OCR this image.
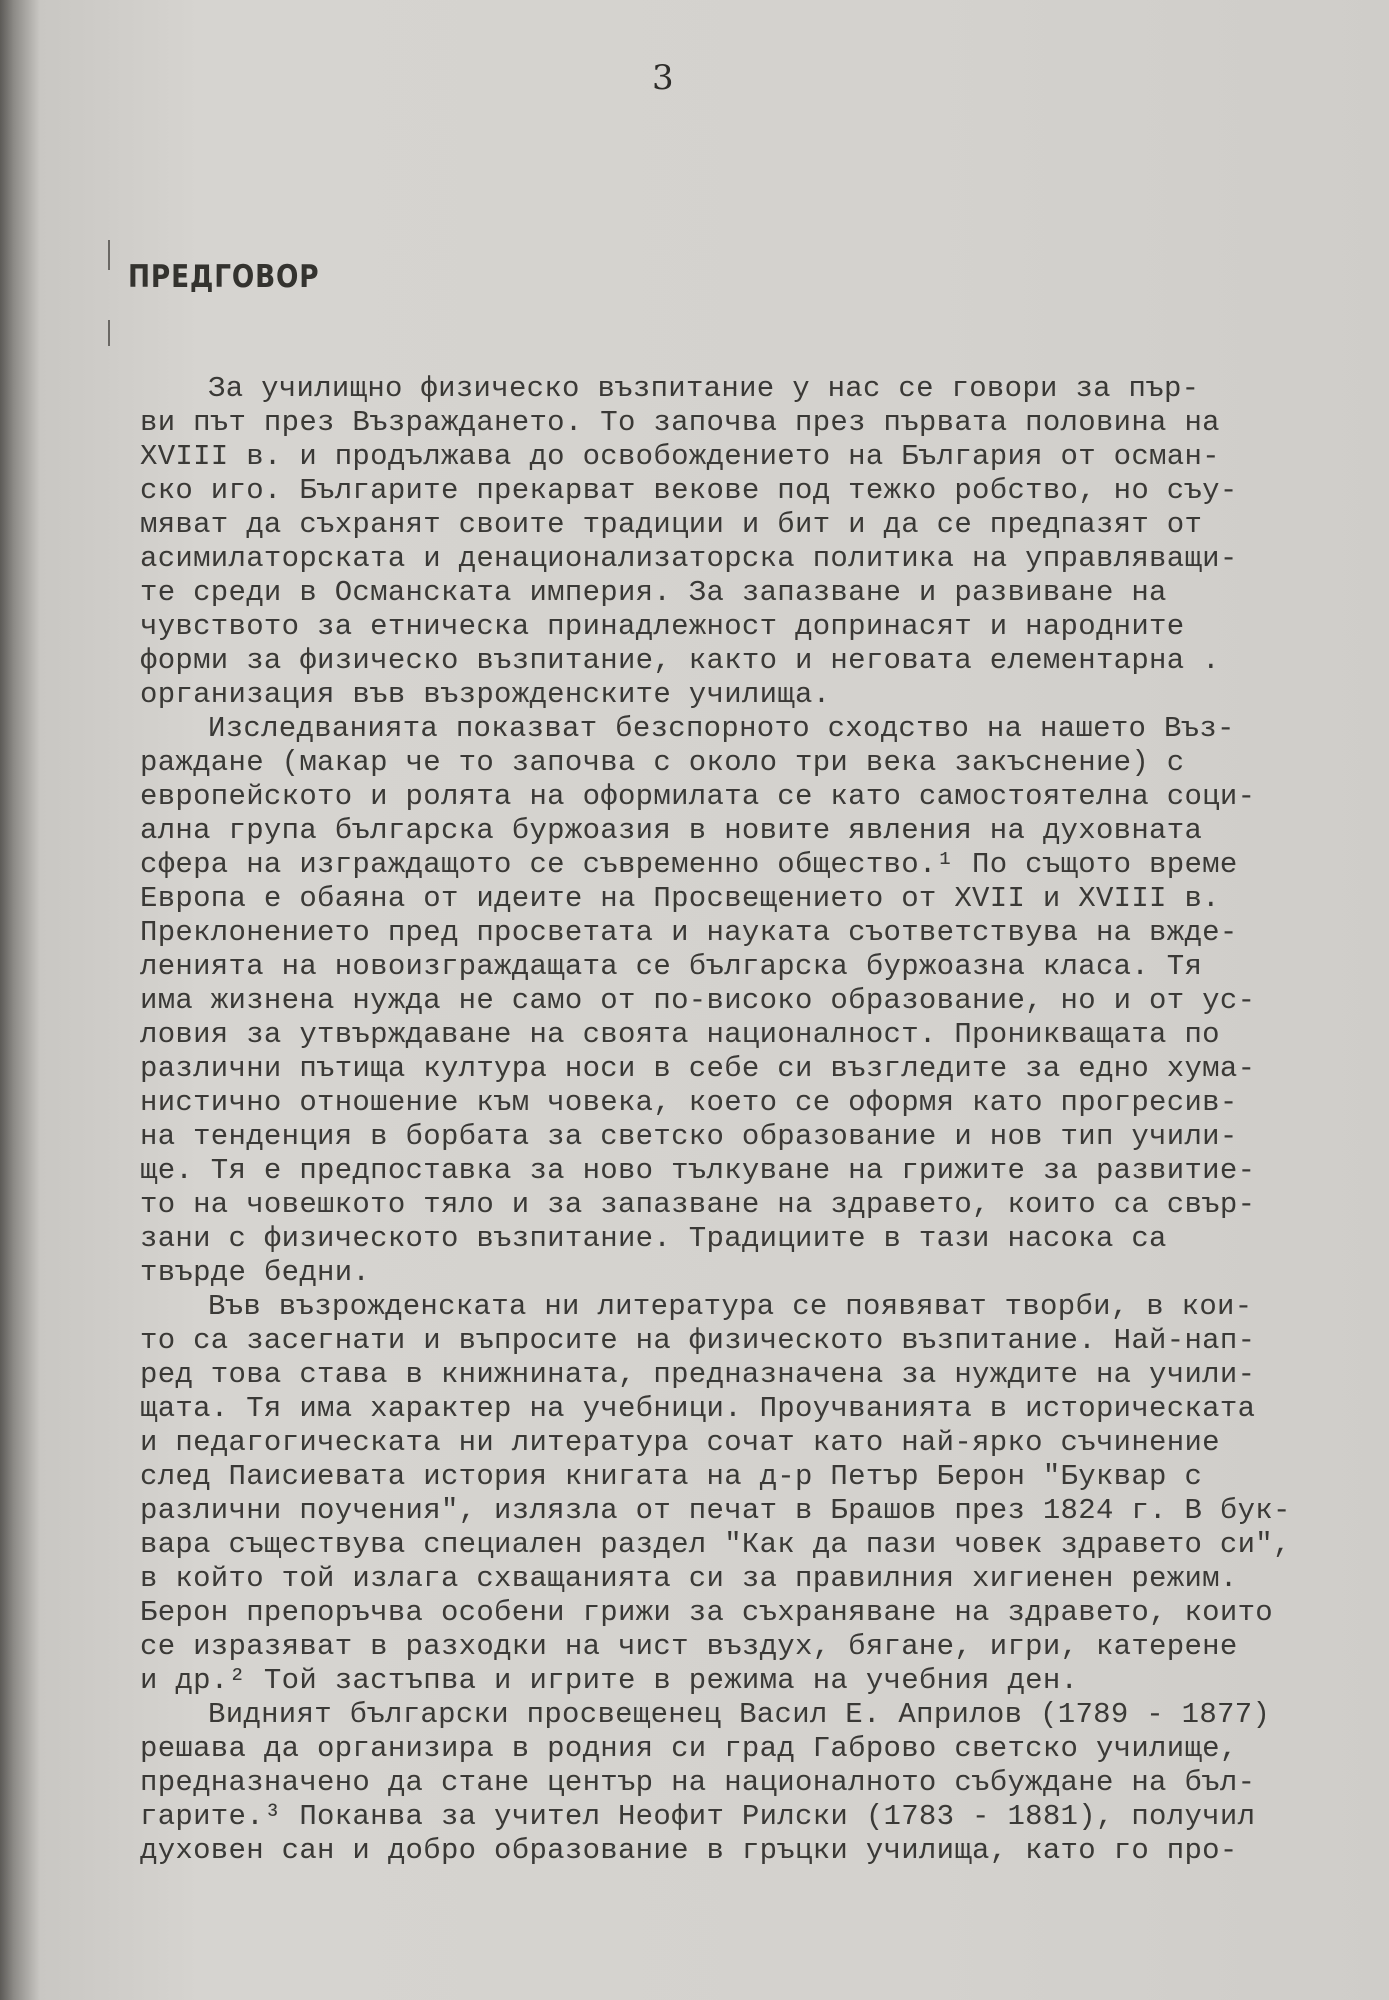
3
ПРЕДГОВОР
За училищно физическо възпитание у нас се говори за пър-
ви път през Възраждането. То започва през първата половина на
XVIII в. и продължава до освобождението на България от осман-
ско иго. Българите прекарват векове под тежко робство, но съу-
мяват да съхранят своите традиции и бит и да се предпазят от
асимилаторската и денационализаторска политика на управляващи-
те среди в Османската империя. За запазване и развиване на
чувството за етническа принадлежност допринасят и народните
форми за физическо възпитание, както и неговата елементарна .
организация във възрожденските училища.
Изследванията показват безспорното сходство на нашето Въз-
раждане (макар че то започва с около три века закъснение) с
европейското и ролята на оформилата се като самостоятелна соци-
ална група българска буржоазия в новите явления на духовната
сфера на изграждащото се съвременно общество.¹ По същото време
Европа е обаяна от идеите на Просвещението от XVII и XVIII в.
Преклонението пред просветата и науката съответствува на вжде-
ленията на новоизграждащата се българска буржоазна класа. Тя
има жизнена нужда не само от по-високо образование, но и от ус-
ловия за утвърждаване на своята националност. Проникващата по
различни пътища култура носи в себе си възгледите за едно хума-
нистично отношение към човека, което се оформя като прогресив-
на тенденция в борбата за светско образование и нов тип учили-
ще. Тя е предпоставка за ново тълкуване на грижите за развитие-
то на човешкото тяло и за запазване на здравето, които са свър-
зани с физическото възпитание. Традициите в тази насока са
твърде бедни.
Във възрожденската ни литература се появяват творби, в кои-
то са засегнати и въпросите на физическото възпитание. Най-нап-
ред това става в книжнината, предназначена за нуждите на учили-
щата. Тя има характер на учебници. Проучванията в историческата
и педагогическата ни литература сочат като най-ярко съчинение
след Паисиевата история книгата на д-р Петър Берон "Буквар с
различни поучения", излязла от печат в Брашов през 1824 г. В бук-
вара съществува специален раздел "Как да пази човек здравето си",
в който той излага схващанията си за правилния хигиенен режим.
Берон препоръчва особени грижи за съхраняване на здравето, които
се изразяват в разходки на чист въздух, бягане, игри, катерене
и др.² Той застъпва и игрите в режима на учебния ден.
Видният български просвещенец Васил Е. Априлов (1789 - 1877)
решава да организира в родния си град Габрово светско училище,
предназначено да стане център на националното събуждане на бъл-
гарите.³ Поканва за учител Неофит Рилски (1783 - 1881), получил
духовен сан и добро образование в гръцки училища, като го про-
